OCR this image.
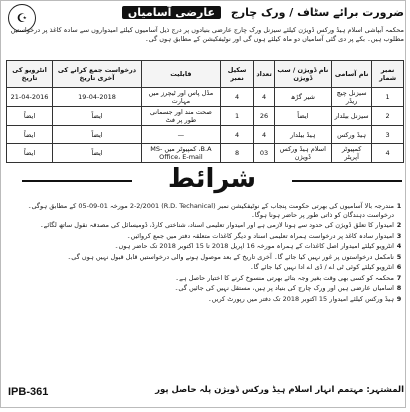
☪	ضرورت برائے سٹاف / ورک چارج عارضی آسامیاں
محکمہ آبپاشی اسلام ہیڈ ورکس ڈویژن کیلئے سیزنل ورک چارج عارضی بنیادوں پر درج ذیل آسامیوں کیلئے امیدواروں سے سادہ کاغذ پر درخواستیں مطلوب ہیں۔ بکے پر دی گئی آسامیاں دو ماہ کیلئے ہوں گی اور نوٹیفکیشن کے مطابق ہوں گی۔
نمبر شمار	نام آسامی	نام ڈویژن / سب ڈویژن	تعداد	سکیل نمبر	قابلیت	درخواست جمع کرانے کی آخری تاریخ	انٹرویو کی تاریخ
1	سیزنل چیچ ریڈر	شیر گڑھ	4	4	مڈل پاس اور ٹیچرز میں مہارت	19-04-2018	21-04-2016
2	سیزنل بیلدار	ایضاً	26	1	صحت مند اور جسمانی طور پر فٹ	ایضاً	ایضاً
3	ہیڈ ورکس	ہیڈ بیلدار	4	4	—	ایضاً	ایضاً
4	کمپیوٹر آپریٹر	اسلام ہیڈ ورکس ڈویژن	03	8	B.A، کمپیوٹر میں MS-Office، E-mail	ایضاً	ایضاً
شرائط
1
مندرجہ بالا آسامیوں کی بھرتی حکومت پنجاب کے نوٹیفکیشن نمبر (R.D. Techanical) 2-2/2001 مورخہ 01-09-05 کے مطابق ہوگی۔ درخواست دہندگان کو ذاتی طور پر حاضر ہونا ہوگا۔
2
امیدوار کا تعلق ڈویژن کی حدود سے ہونا لازمی ہے اور امیدوار تعلیمی اسناد، شناختی کارڈ، ڈومیسائل کی مصدقہ نقول ساتھ لگائے۔
3
امیدوار سادہ کاغذ پر درخواست ہمراہ تعلیمی اسناد و دیگر کاغذات متعلقہ دفتر میں جمع کروائیں۔
4
انٹرویو کیلئے امیدوار اصل کاغذات کے ہمراہ مورخہ 16 اپریل 2018 تا 15 اکتوبر 2018 تک حاضر ہوں۔
5
نامکمل درخواستوں پر غور نہیں کیا جائے گا۔ آخری تاریخ کے بعد موصول ہونے والی درخواستیں قابل قبول نہیں ہوں گی۔
6
انٹرویو کیلئے کوئی ٹی اے / ڈی اے ادا نہیں کیا جائے گا۔
7
محکمہ کو کسی بھی وقت بغیر وجہ بتائے بھرتی منسوخ کرنے کا اختیار حاصل ہے۔
8
اسامیاں عارضی ہیں اور ورک چارج کی بنیاد پر ہیں، مستقل نہیں کی جائیں گی۔
9
ہیڈ ورکس کیلئے امیدوار 15 اکتوبر 2018 تک دفتر میں رپورٹ کریں۔
IPB-361	المشتہر: مہتمم انہار اسلام ہیڈ ورکس ڈویژن پلہ حاصل پور
